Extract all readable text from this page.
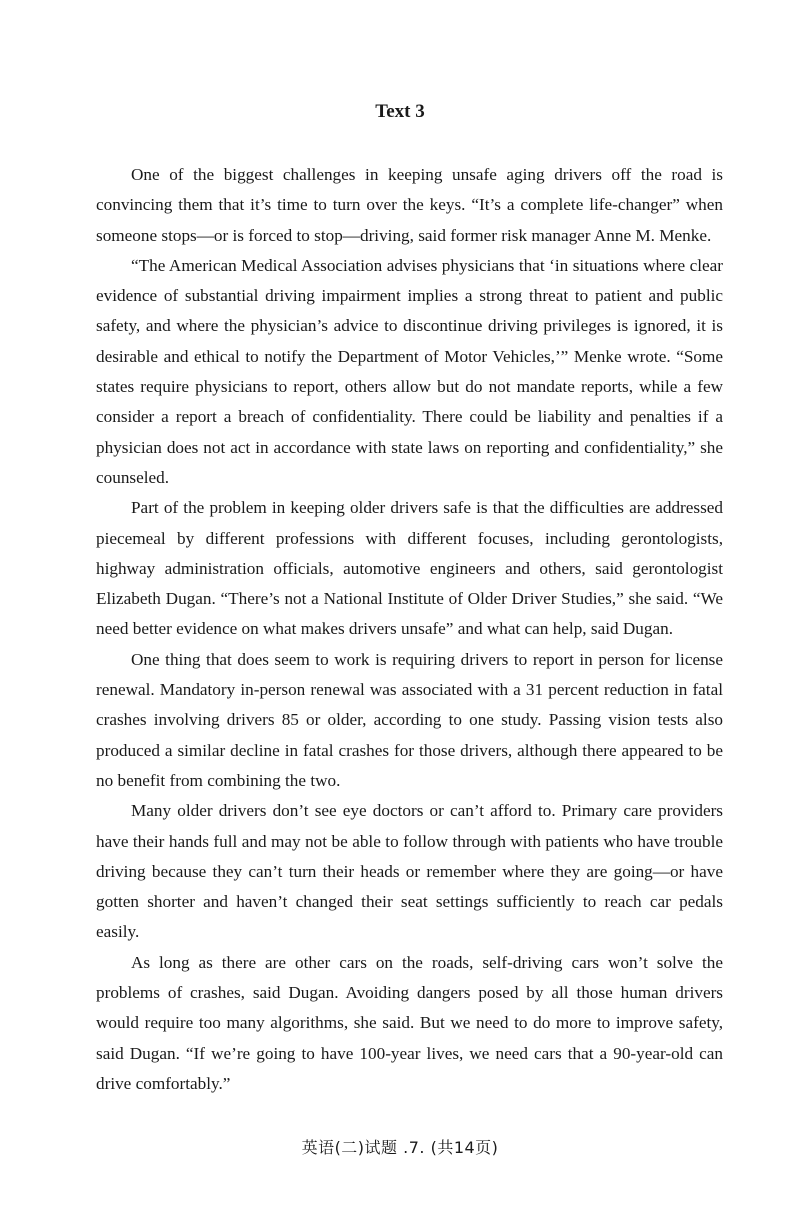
Text 3

One of the biggest challenges in keeping unsafe aging drivers off the road is convincing them that it’s time to turn over the keys. “It’s a complete life-changer” when someone stops—or is forced to stop—driving, said former risk manager Anne M. Menke.

“The American Medical Association advises physicians that ‘in situations where clear evidence of substantial driving impairment implies a strong threat to patient and public safety, and where the physician’s advice to discontinue driving privileges is ignored, it is desirable and ethical to notify the Department of Motor Vehicles,’” Menke wrote. “Some states require physicians to report, others allow but do not mandate reports, while a few consider a report a breach of confidentiality. There could be liability and penalties if a physician does not act in accordance with state laws on reporting and confidentiality,” she counseled.

Part of the problem in keeping older drivers safe is that the difficulties are addressed piecemeal by different professions with different focuses, including gerontologists, highway administration officials, automotive engineers and others, said gerontologist Elizabeth Dugan. “There’s not a National Institute of Older Driver Studies,” she said. “We need better evidence on what makes drivers unsafe” and what can help, said Dugan.

One thing that does seem to work is requiring drivers to report in person for license renewal. Mandatory in-person renewal was associated with a 31 percent reduction in fatal crashes involving drivers 85 or older, according to one study. Passing vision tests also produced a similar decline in fatal crashes for those drivers, although there appeared to be no benefit from combining the two.

Many older drivers don’t see eye doctors or can’t afford to. Primary care providers have their hands full and may not be able to follow through with patients who have trouble driving because they can’t turn their heads or remember where they are going—or have gotten shorter and haven’t changed their seat settings sufficiently to reach car pedals easily.

As long as there are other cars on the roads, self-driving cars won’t solve the problems of crashes, said Dugan. Avoiding dangers posed by all those human drivers would require too many algorithms, she said. But we need to do more to improve safety, said Dugan. “If we’re going to have 100-year lives, we need cars that a 90-year-old can drive comfortably.”

英语(二)试题 .7. (共14页)
